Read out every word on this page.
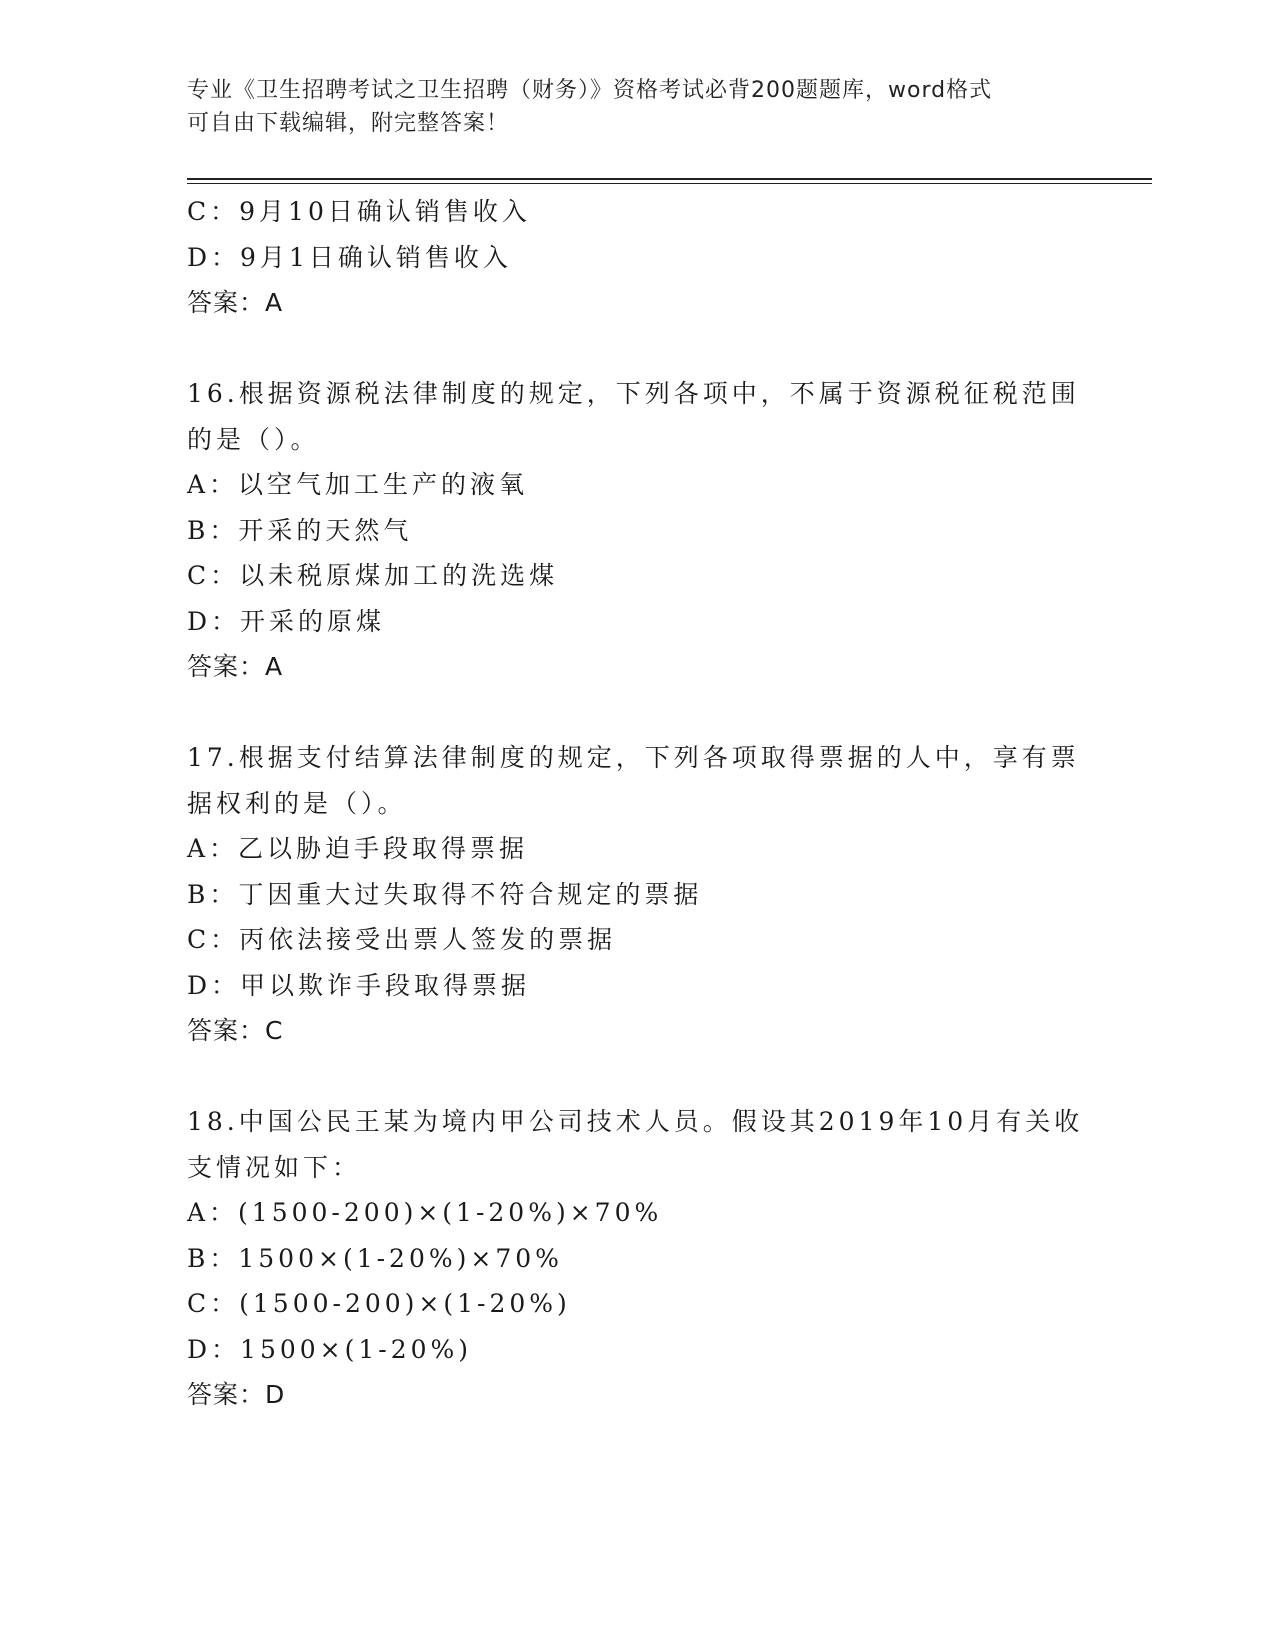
专业《卫生招聘考试之卫生招聘（财务）》资格考试必背200题题库，word格式
可自由下载编辑，附完整答案！
C：9月10日确认销售收入
D：9月1日确认销售收入
答案：A
16.根据资源税法律制度的规定，下列各项中，不属于资源税征税范围
的是（）。
A：以空气加工生产的液氧
B：开采的天然气
C：以未税原煤加工的洗选煤
D：开采的原煤
答案：A
17.根据支付结算法律制度的规定，下列各项取得票据的人中，享有票
据权利的是（）。
A：乙以胁迫手段取得票据
B：丁因重大过失取得不符合规定的票据
C：丙依法接受出票人签发的票据
D：甲以欺诈手段取得票据
答案：C
18.中国公民王某为境内甲公司技术人员。假设其2019年10月有关收
支情况如下：
A：(1500-200)×(1-20%)×70%
B：1500×(1-20%)×70%
C：(1500-200)×(1-20%)
D：1500×(1-20%)
答案：D
